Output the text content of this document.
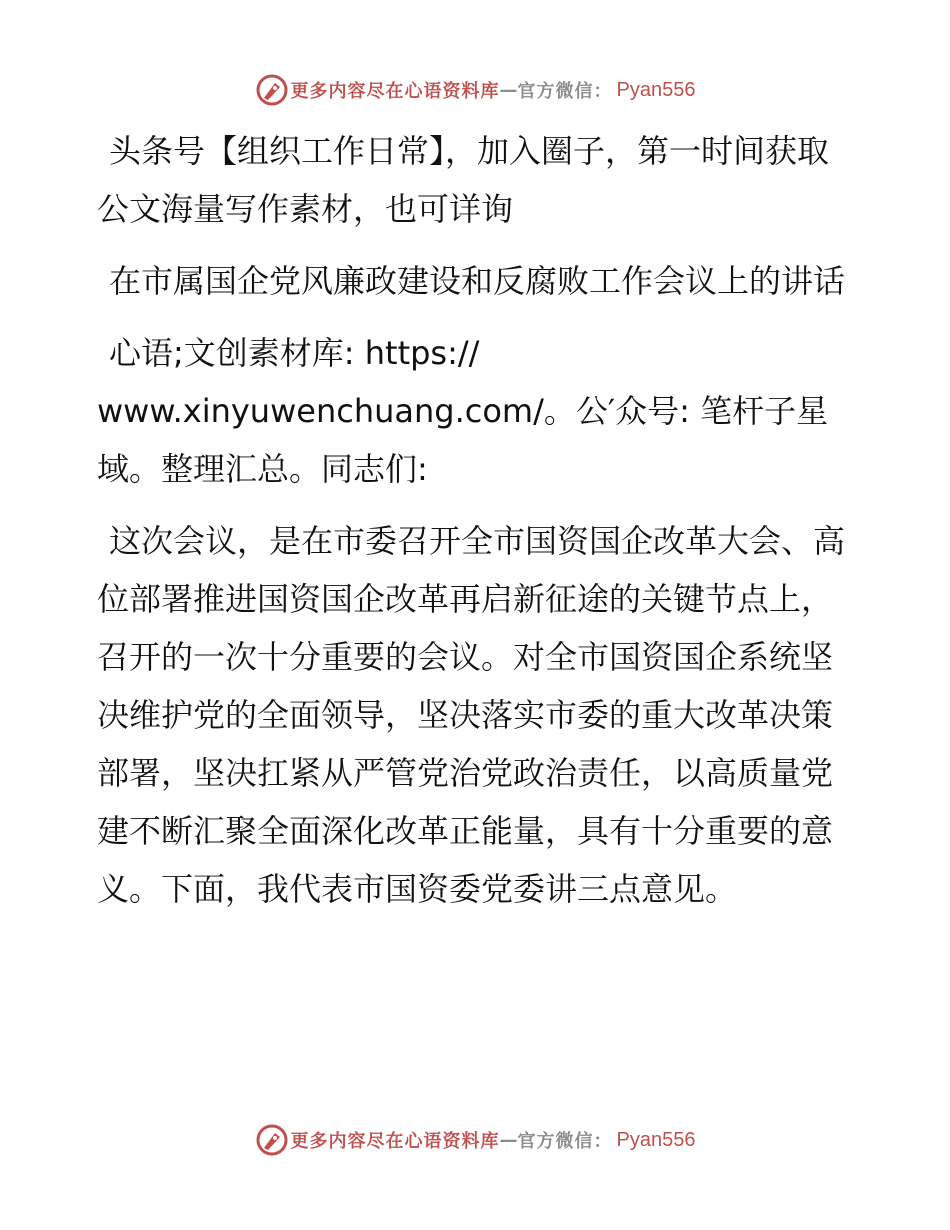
更多内容尽在心语资料库 — 官方微信： Pyan556

头条号【组织工作日常】，加入圈子，第一时间获取公文海量写作素材，也可详询

在市属国企党风廉政建设和反腐败工作会议上的讲话

心语;文创素材库: https://
www.xinyuwenchuang.com/。公′众号: 笔杆子星域。整理汇总。同志们:

这次会议，是在市委召开全市国资国企改革大会、高位部署推进国资国企改革再启新征途的关键节点上，召开的一次十分重要的会议。对全市国资国企系统坚决维护党的全面领导，坚决落实市委的重大改革决策部署，坚决扛紧从严管党治党政治责任，以高质量党建不断汇聚全面深化改革正能量，具有十分重要的意义。下面，我代表市国资委党委讲三点意见。

更多内容尽在心语资料库 — 官方微信： Pyan556
